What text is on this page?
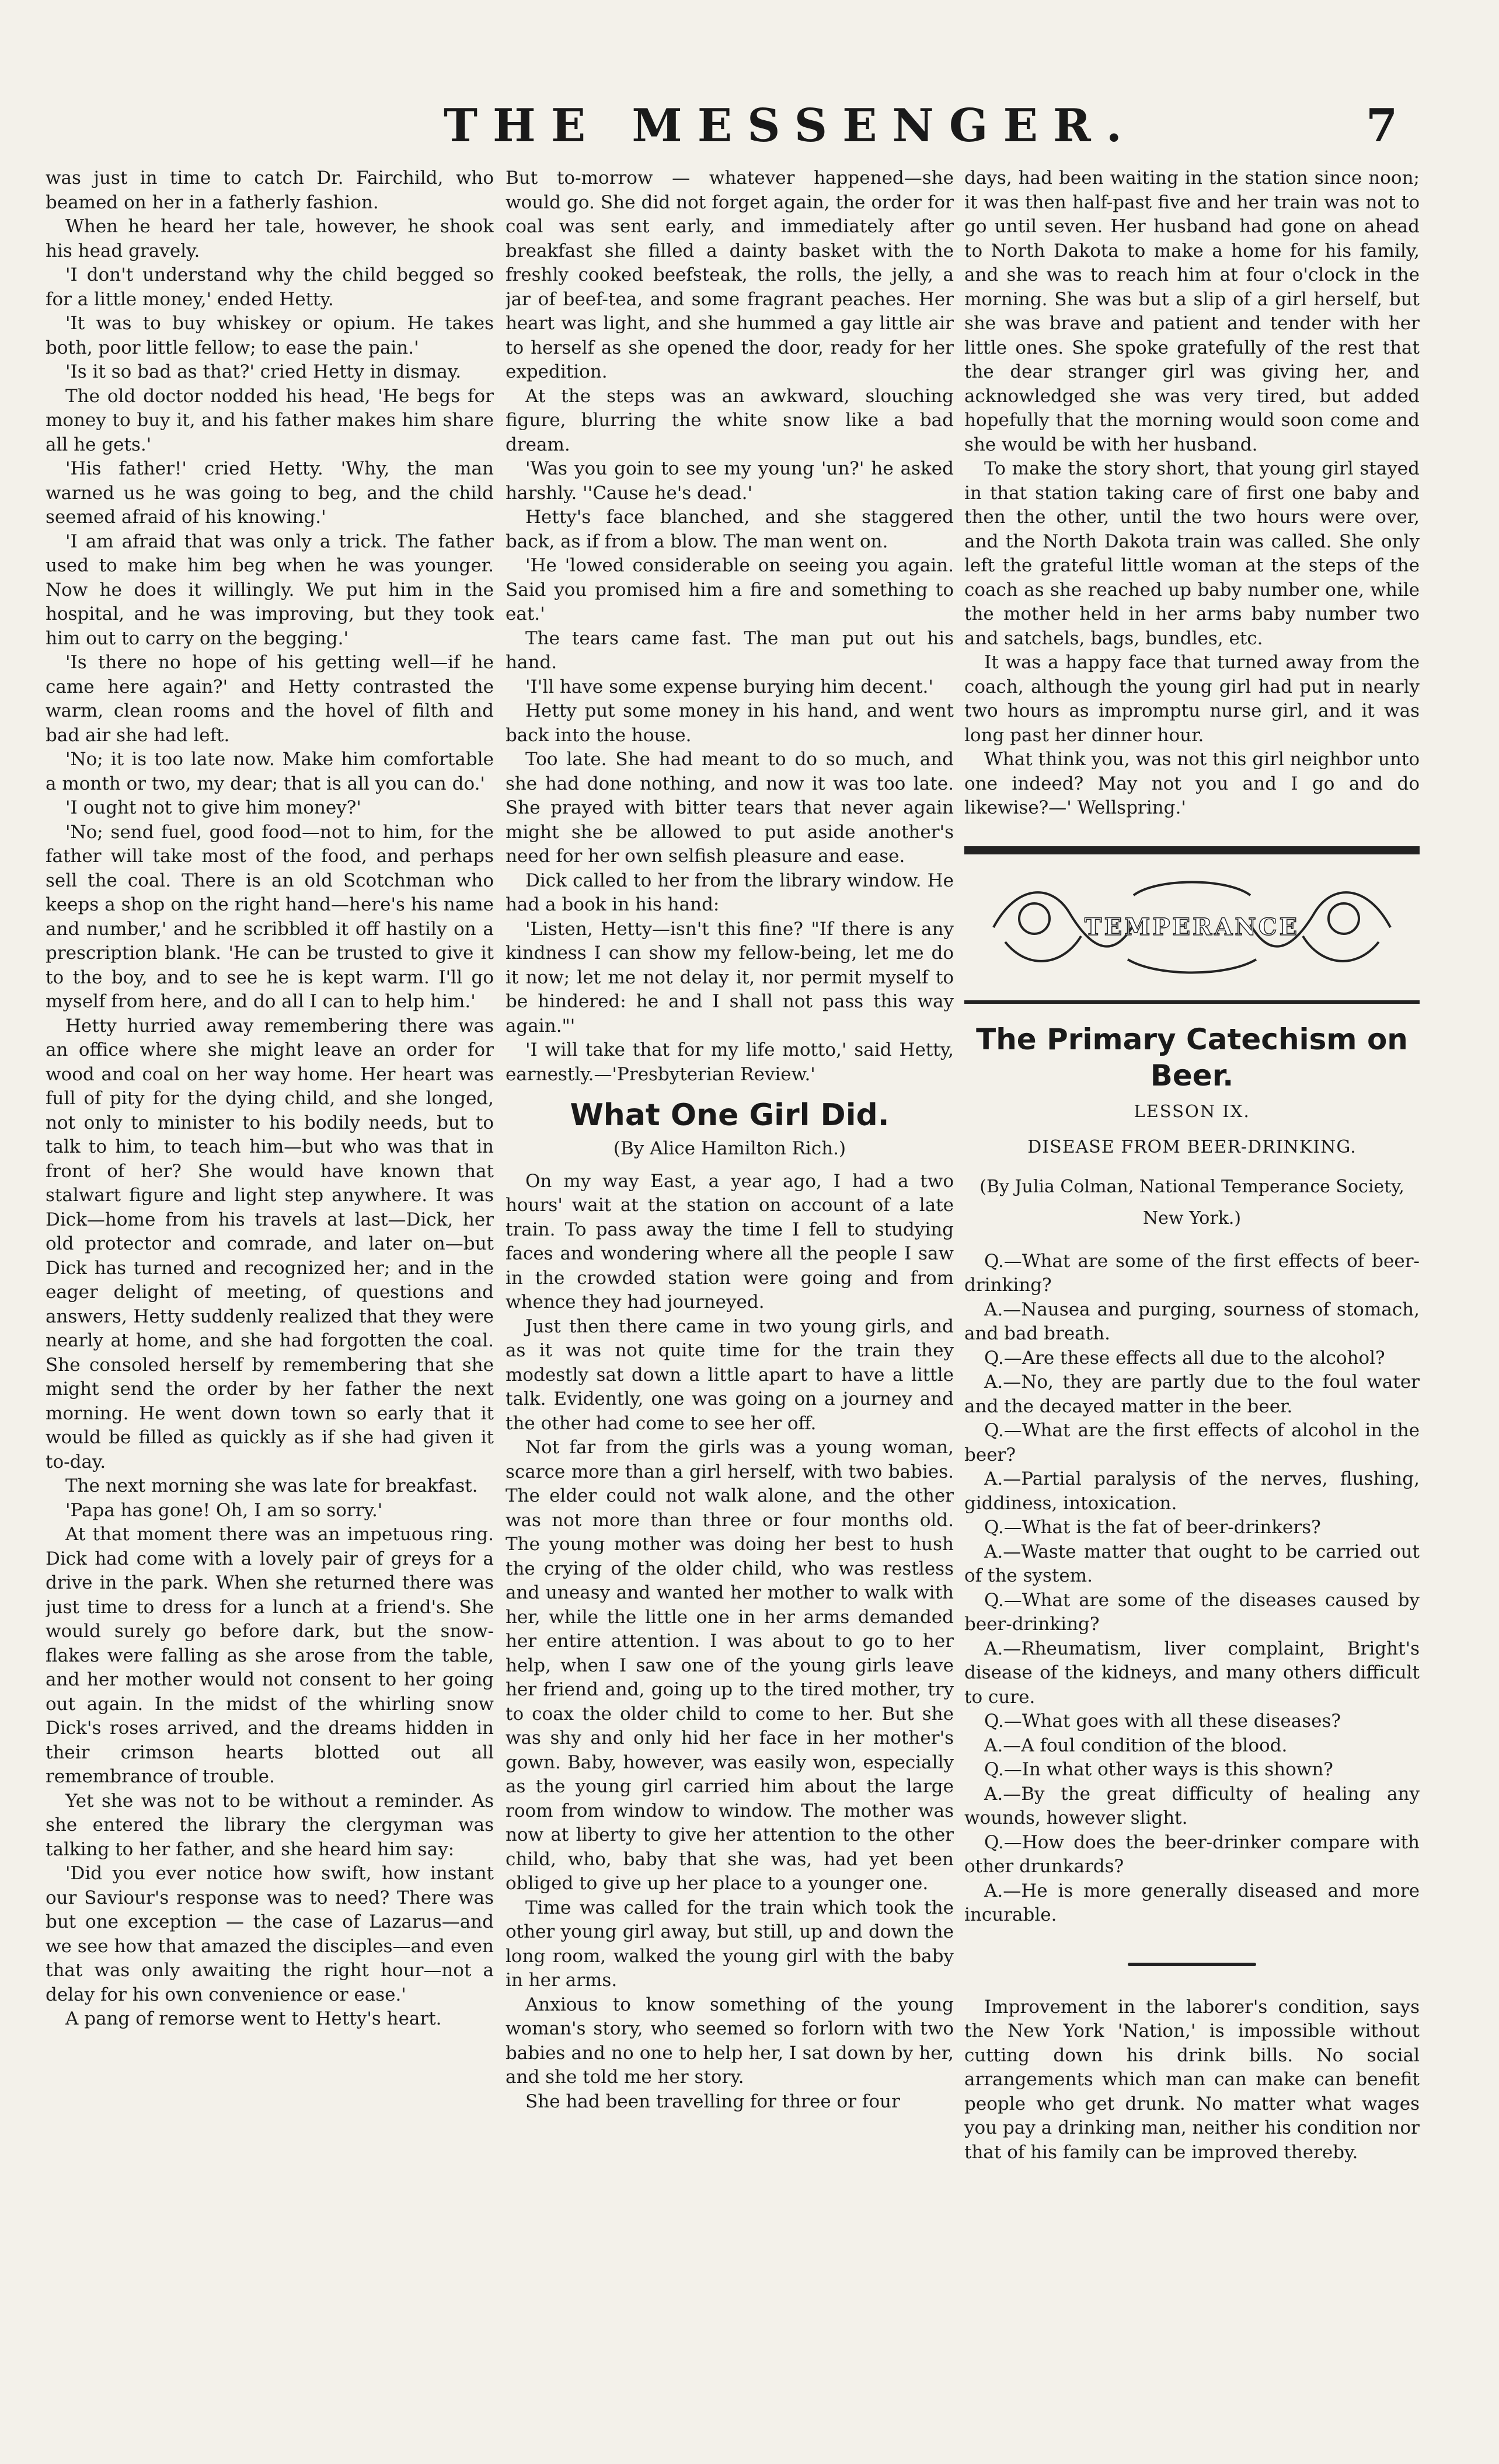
THE MESSENGER.	7

was just in time to catch Dr. Fairchild, who beamed on her in a fatherly fashion.

When he heard her tale, however, he shook his head gravely.

'I don't understand why the child begged so for a little money,' ended Hetty.

'It was to buy whiskey or opium. He takes both, poor little fellow; to ease the pain.'

'Is it so bad as that?' cried Hetty in dismay.

The old doctor nodded his head, 'He begs for money to buy it, and his father makes him share all he gets.'

'His father!' cried Hetty. 'Why, the man warned us he was going to beg, and the child seemed afraid of his knowing.'

'I am afraid that was only a trick. The father used to make him beg when he was younger. Now he does it willingly. We put him in the hospital, and he was improving, but they took him out to carry on the begging.'

'Is there no hope of his getting well—if he came here again?' and Hetty contrasted the warm, clean rooms and the hovel of filth and bad air she had left.

'No; it is too late now. Make him comfortable a month or two, my dear; that is all you can do.'

'I ought not to give him money?'

'No; send fuel, good food—not to him, for the father will take most of the food, and perhaps sell the coal. There is an old Scotchman who keeps a shop on the right hand—here's his name and number,' and he scribbled it off hastily on a prescription blank. 'He can be trusted to give it to the boy, and to see he is kept warm. I'll go myself from here, and do all I can to help him.'

Hetty hurried away remembering there was an office where she might leave an order for wood and coal on her way home. Her heart was full of pity for the dying child, and she longed, not only to minister to his bodily needs, but to talk to him, to teach him—but who was that in front of her? She would have known that stalwart figure and light step anywhere. It was Dick—home from his travels at last—Dick, her old protector and comrade, and later on—but Dick has turned and recognized her; and in the eager delight of meeting, of questions and answers, Hetty suddenly realized that they were nearly at home, and she had forgotten the coal. She consoled herself by remembering that she might send the order by her father the next morning. He went down town so early that it would be filled as quickly as if she had given it to-day.

The next morning she was late for breakfast.

'Papa has gone! Oh, I am so sorry.'

At that moment there was an impetuous ring. Dick had come with a lovely pair of greys for a drive in the park. When she returned there was just time to dress for a lunch at a friend's. She would surely go before dark, but the snow-flakes were falling as she arose from the table, and her mother would not consent to her going out again. In the midst of the whirling snow Dick's roses arrived, and the dreams hidden in their crimson hearts blotted out all remembrance of trouble.

Yet she was not to be without a reminder. As she entered the library the clergyman was talking to her father, and she heard him say:

'Did you ever notice how swift, how instant our Saviour's response was to need? There was but one exception — the case of Lazarus—and we see how that amazed the disciples—and even that was only awaiting the right hour—not a delay for his own convenience or ease.'

A pang of remorse went to Hetty's heart.

But to-morrow — whatever happened—she would go. She did not forget again, the order for coal was sent early, and immediately after breakfast she filled a dainty basket with the freshly cooked beefsteak, the rolls, the jelly, a jar of beef-tea, and some fragrant peaches. Her heart was light, and she hummed a gay little air to herself as she opened the door, ready for her expedition.

At the steps was an awkward, slouching figure, blurring the white snow like a bad dream.

'Was you goin to see my young 'un?' he asked harshly. ''Cause he's dead.'

Hetty's face blanched, and she staggered back, as if from a blow. The man went on.

'He 'lowed considerable on seeing you again. Said you promised him a fire and something to eat.'

The tears came fast. The man put out his hand.

'I'll have some expense burying him decent.'

Hetty put some money in his hand, and went back into the house.

Too late. She had meant to do so much, and she had done nothing, and now it was too late. She prayed with bitter tears that never again might she be allowed to put aside another's need for her own selfish pleasure and ease.

Dick called to her from the library window. He had a book in his hand:

'Listen, Hetty—isn't this fine? "If there is any kindness I can show my fellow-being, let me do it now; let me not delay it, nor permit myself to be hindered: he and I shall not pass this way again."'

'I will take that for my life motto,' said Hetty, earnestly.—'Presbyterian Review.'

What One Girl Did.
(By Alice Hamilton Rich.)

On my way East, a year ago, I had a two hours' wait at the station on account of a late train. To pass away the time I fell to studying faces and wondering where all the people I saw in the crowded station were going and from whence they had journeyed.

Just then there came in two young girls, and as it was not quite time for the train they modestly sat down a little apart to have a little talk. Evidently, one was going on a journey and the other had come to see her off.

Not far from the girls was a young woman, scarce more than a girl herself, with two babies. The elder could not walk alone, and the other was not more than three or four months old. The young mother was doing her best to hush the crying of the older child, who was restless and uneasy and wanted her mother to walk with her, while the little one in her arms demanded her entire attention. I was about to go to her help, when I saw one of the young girls leave her friend and, going up to the tired mother, try to coax the older child to come to her. But she was shy and only hid her face in her mother's gown. Baby, however, was easily won, especially as the young girl carried him about the large room from window to window. The mother was now at liberty to give her attention to the other child, who, baby that she was, had yet been obliged to give up her place to a younger one.

Time was called for the train which took the other young girl away, but still, up and down the long room, walked the young girl with the baby in her arms.

Anxious to know something of the young woman's story, who seemed so forlorn with two babies and no one to help her, I sat down by her, and she told me her story.

She had been travelling for three or four

days, had been waiting in the station since noon; it was then half-past five and her train was not to go until seven. Her husband had gone on ahead to North Dakota to make a home for his family, and she was to reach him at four o'clock in the morning. She was but a slip of a girl herself, but she was brave and patient and tender with her little ones. She spoke gratefully of the rest that the dear stranger girl was giving her, and acknowledged she was very tired, but added hopefully that the morning would soon come and she would be with her husband.

To make the story short, that young girl stayed in that station taking care of first one baby and then the other, until the two hours were over, and the North Dakota train was called. She only left the grateful little woman at the steps of the coach as she reached up baby number one, while the mother held in her arms baby number two and satchels, bags, bundles, etc.

It was a happy face that turned away from the coach, although the young girl had put in nearly two hours as impromptu nurse girl, and it was long past her dinner hour.

What think you, was not this girl neighbor unto one indeed? May not you and I go and do likewise?—' Wellspring.'

TEMPERANCE
The Primary Catechism on Beer.
LESSON IX.
DISEASE FROM BEER-DRINKING.
(By Julia Colman, National Temperance Society, New York.)

Q.—What are some of the first effects of beer-drinking?

A.—Nausea and purging, sourness of stomach, and bad breath.

Q.—Are these effects all due to the alcohol?

A.—No, they are partly due to the foul water and the decayed matter in the beer.

Q.—What are the first effects of alcohol in the beer?

A.—Partial paralysis of the nerves, flushing, giddiness, intoxication.

Q.—What is the fat of beer-drinkers?

A.—Waste matter that ought to be carried out of the system.

Q.—What are some of the diseases caused by beer-drinking?

A.—Rheumatism, liver complaint, Bright's disease of the kidneys, and many others difficult to cure.

Q.—What goes with all these diseases?

A.—A foul condition of the blood.

Q.—In what other ways is this shown?

A.—By the great difficulty of healing any wounds, however slight.

Q.—How does the beer-drinker compare with other drunkards?

A.—He is more generally diseased and more incurable.

Improvement in the laborer's condition, says the New York 'Nation,' is impossible without cutting down his drink bills. No social arrangements which man can make can benefit people who get drunk. No matter what wages you pay a drinking man, neither his condition nor that of his family can be improved thereby.
